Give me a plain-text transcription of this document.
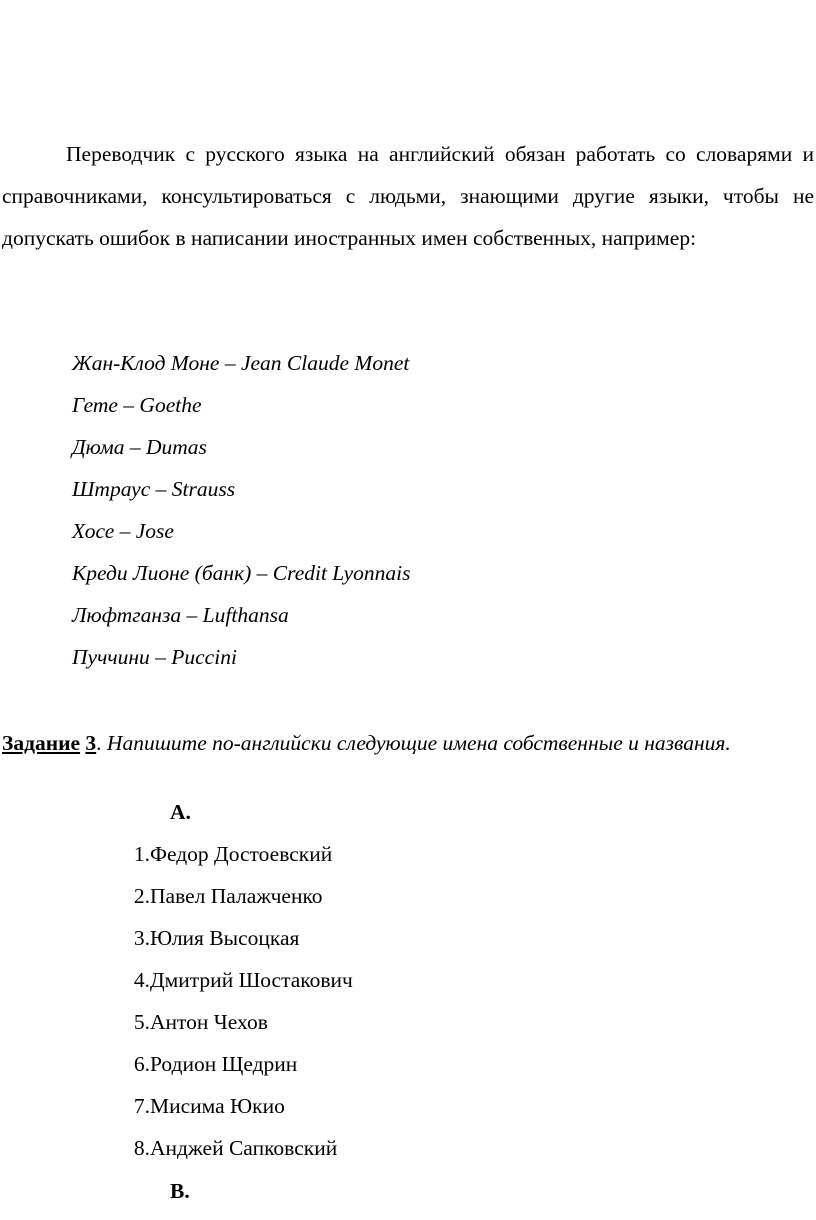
Переводчик с русского языка на английский обязан работать со словарями и справочниками, консультироваться с людьми, знающими другие языки, чтобы не допускать ошибок в написании иностранных имен собственных, например:

Жан-Клод Моне – Jean Claude Monet
Гете – Goethe
Дюма – Dumas
Штраус – Strauss
Хосе – Jose
Креди Лионе (банк) – Credit Lyonnais
Люфтганза – Lufthansa
Пуччини – Puccini

Задание 3. Напишите по-английски следующие имена собственные и названия.

А.

1. Федор Достоевский
2. Павел Палажченко
3. Юлия Высоцкая
4. Дмитрий Шостакович
5. Антон Чехов
6. Родион Щедрин
7. Мисима Юкио
8. Анджей Сапковский

В.
